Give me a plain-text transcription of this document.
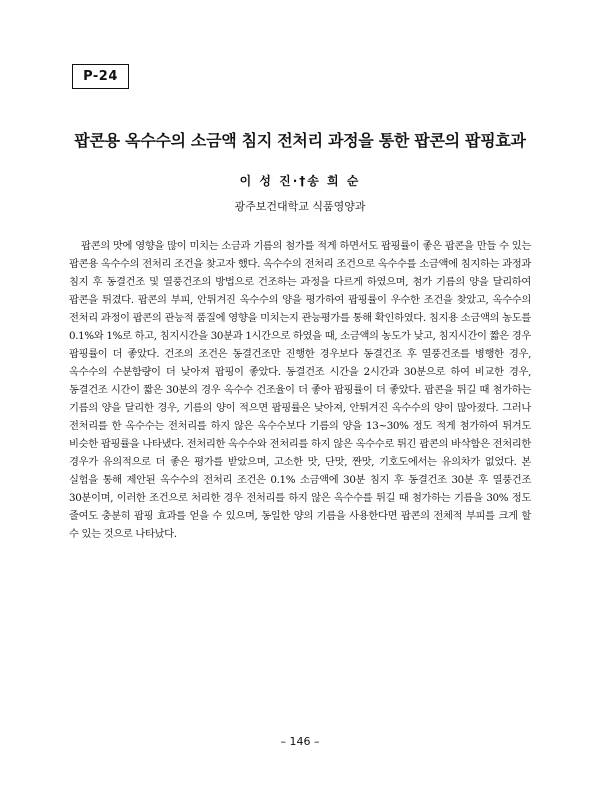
P-24
팝콘용 옥수수의 소금액 침지 전처리 과정을 통한 팝콘의 팝핑효과
이 성 진·†송 희 순
광주보건대학교 식품영양과

팝콘의 맛에 영향을 많이 미치는 소금과 기름의 첨가를 적게 하면서도 팝핑률이 좋은 팝콘을 만들 수 있는 팝콘용 옥수수의 전처리 조건을 찾고자 했다. 옥수수의 전처리 조건으로 옥수수를 소금액에 침지하는 과정과 침지 후 동결건조 및 열풍건조의 방법으로 건조하는 과정을 다르게 하였으며, 첨가 기름의 양을 달리하여 팝콘을 튀겼다. 팝콘의 부피, 안튀겨진 옥수수의 양을 평가하여 팝핑률이 우수한 조건을 찾았고, 옥수수의 전처리 과정이 팝콘의 관능적 품질에 영향을 미치는지 관능평가를 통해 확인하였다. 침지용 소금액의 농도를 0.1%와 1%로 하고, 침지시간을 30분과 1시간으로 하였을 때, 소금액의 농도가 낮고, 침지시간이 짧은 경우 팝핑률이 더 좋았다. 건조의 조건은 동결건조만 진행한 경우보다 동결건조 후 열풍건조를 병행한 경우, 옥수수의 수분함량이 더 낮아져 팝핑이 좋았다. 동결건조 시간을 2시간과 30분으로 하여 비교한 경우, 동결건조 시간이 짧은 30분의 경우 옥수수 건조율이 더 좋아 팝핑률이 더 좋았다. 팝콘을 튀길 때 첨가하는 기름의 양을 달리한 경우, 기름의 양이 적으면 팝핑률은 낮아져, 안튀겨진 옥수수의 양이 많아졌다. 그러나 전처리를 한 옥수수는 전처리를 하지 않은 옥수수보다 기름의 양을 13~30% 정도 적게 첨가하여 튀겨도 비슷한 팝핑률을 나타냈다. 전처리한 옥수수와 전처리를 하지 않은 옥수수로 튀긴 팝콘의 바삭함은 전처리한 경우가 유의적으로 더 좋은 평가를 받았으며, 고소한 맛, 단맛, 짠맛, 기호도에서는 유의차가 없었다. 본 실험을 통해 제안된 옥수수의 전처리 조건은 0.1% 소금액에 30분 침지 후 동결건조 30분 후 열풍건조 30분이며, 이러한 조건으로 처리한 경우 전처리를 하지 않은 옥수수를 튀길 때 첨가하는 기름을 30% 정도 줄여도 충분히 팝핑 효과를 얻을 수 있으며, 동일한 양의 기름을 사용한다면 팝콘의 전체적 부피를 크게 할 수 있는 것으로 나타났다.

– 146 –
